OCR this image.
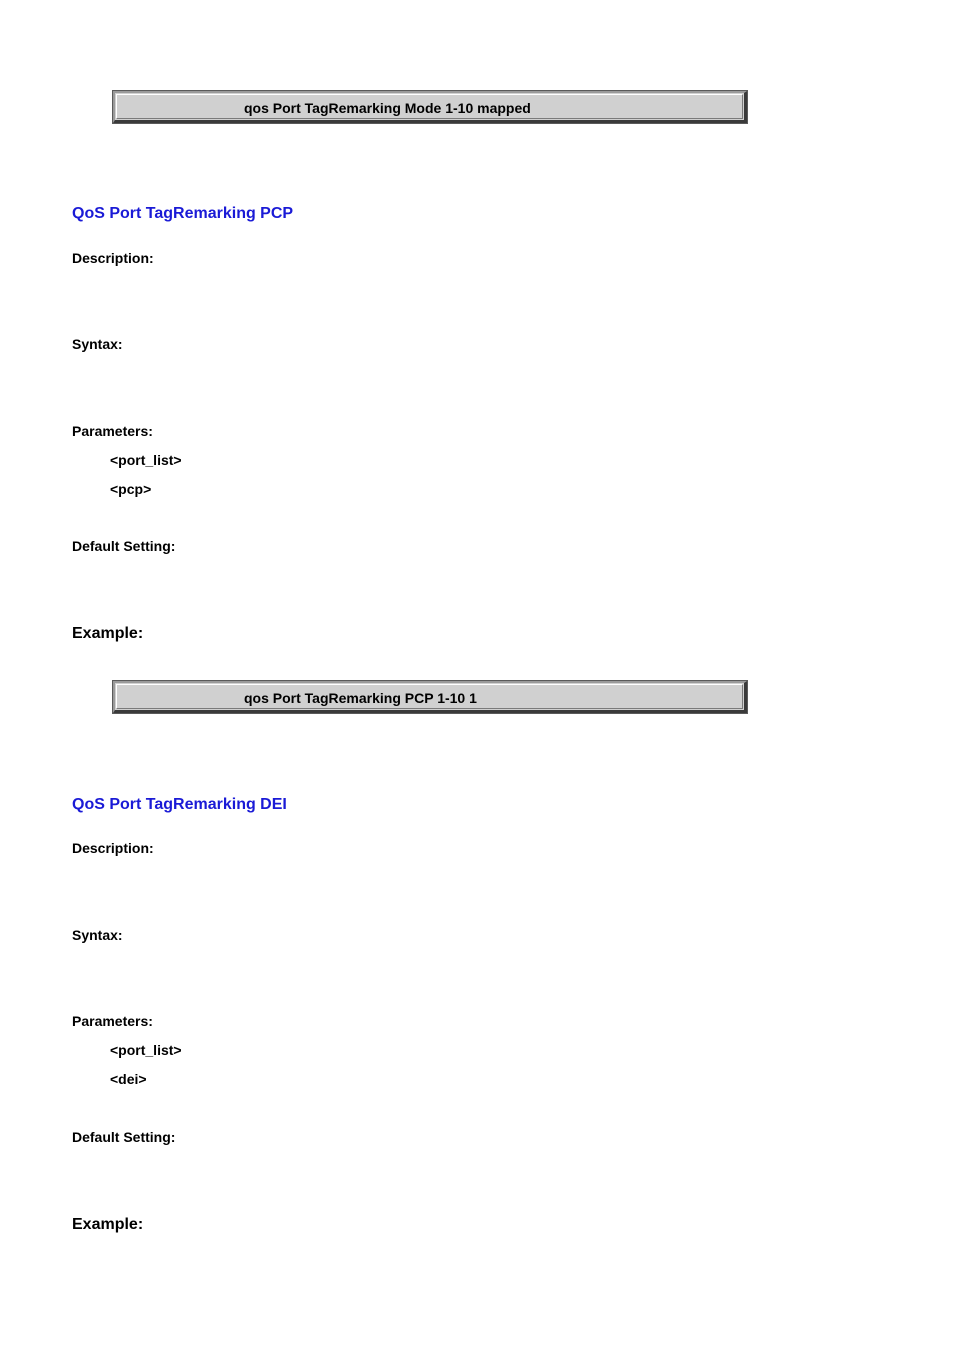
qos Port TagRemarking Mode 1-10 mapped
QoS Port TagRemarking PCP
Description:
Syntax:
Parameters:
<port_list>
<pcp>
Default Setting:
Example:
qos Port TagRemarking PCP 1-10 1
QoS Port TagRemarking DEI
Description:
Syntax:
Parameters:
<port_list>
<dei>
Default Setting:
Example:
